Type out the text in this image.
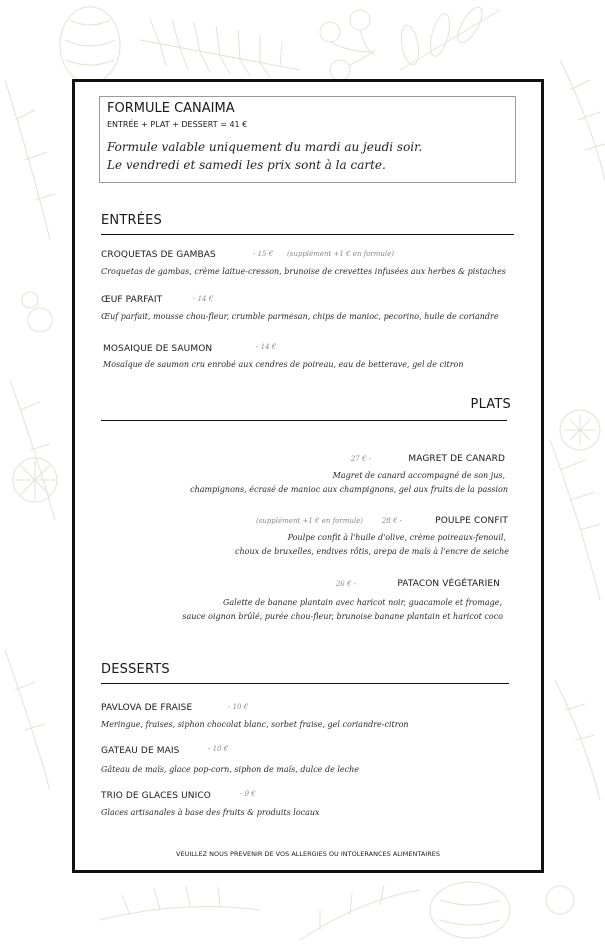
FORMULE CANAIMA
ENTRÉE + PLAT + DESSERT = 41 €
Formule valable uniquement du mardi au jeudi soir.
Le vendredi et samedi les prix sont à la carte.
ENTRÉES
CROQUETAS DE GAMBAS	- 15 € (supplément +1 € en formule)
Croquetas de gambas, crème laitue-cresson, brunoise de crevettes infusées aux herbes & pistaches
ŒUF PARFAIT	- 14 €
Œuf parfait, mousse chou-fleur, crumble parmesan, chips de manioc, pecorino, huile de coriandre
MOSAIQUE DE SAUMON	- 14 €
Mosaïque de saumon cru enrobé aux cendres de poireau, eau de betterave, gel de citron
PLATS
MAGRET DE CANARD
27 € -
Magret de canard accompagné de son jus,
champignons, écrasé de manioc aux champignons, gel aux fruits de la passion
POULPE CONFIT
28 € -
(supplément +1 € en formule)
Poulpe confit à l'huile d'olive, crème poireaux-fenouil,
choux de bruxelles, endives rôtis, arepa de maïs à l'encre de seiche
PATACON VÉGÉTARIEN
26 € -
Galette de banane plantain avec haricot noir, guacamole et fromage,
sauce oignon brûlé, purée chou-fleur, brunoise banane plantain et haricot coco
DESSERTS
PAVLOVA DE FRAISE	- 10 €
Meringue, fraises, siphon chocolat blanc, sorbet fraise, gel coriandre-citron
GATEAU DE MAIS	- 10 €
Gâteau de maïs, glace pop-corn, siphon de maïs, dulce de leche
TRIO DE GLACES UNICO	- 9 €
Glaces artisanales à base des fruits & produits locaux
VEUILLEZ NOUS PREVENIR DE VOS ALLERGIES OU INTOLERANCES ALIMENTAIRES
